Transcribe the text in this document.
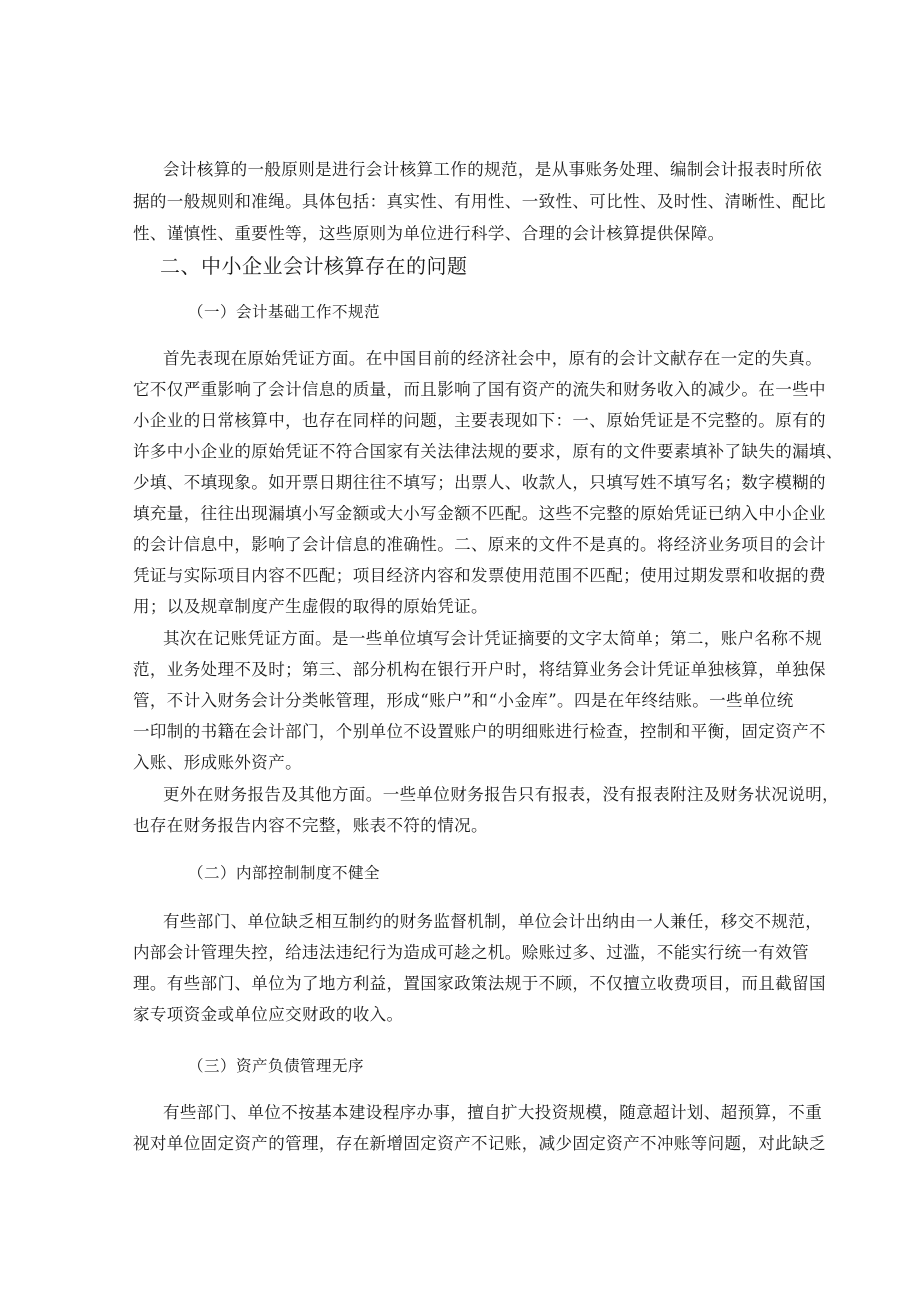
会计核算的一般原则是进行会计核算工作的规范，是从事账务处理、编制会计报表时所依
据的一般规则和准绳。具体包括：真实性、有用性、一致性、可比性、及时性、清晰性、配比
性、谨慎性、重要性等，这些原则为单位进行科学、合理的会计核算提供保障。
二、中小企业会计核算存在的问题
（一）会计基础工作不规范
首先表现在原始凭证方面。在中国目前的经济社会中，原有的会计文献存在一定的失真。
它不仅严重影响了会计信息的质量，而且影响了国有资产的流失和财务收入的减少。在一些中
小企业的日常核算中，也存在同样的问题，主要表现如下：一、原始凭证是不完整的。原有的
许多中小企业的原始凭证不符合国家有关法律法规的要求，原有的文件要素填补了缺失的漏填、
少填、不填现象。如开票日期往往不填写；出票人、收款人，只填写姓不填写名；数字模糊的
填充量，往往出现漏填小写金额或大小写金额不匹配。这些不完整的原始凭证已纳入中小企业
的会计信息中，影响了会计信息的准确性。二、原来的文件不是真的。将经济业务项目的会计
凭证与实际项目内容不匹配；项目经济内容和发票使用范围不匹配；使用过期发票和收据的费
用；以及规章制度产生虚假的取得的原始凭证。
其次在记账凭证方面。是一些单位填写会计凭证摘要的文字太简单；第二，账户名称不规
范，业务处理不及时；第三、部分机构在银行开户时，将结算业务会计凭证单独核算，单独保
管，不计入财务会计分类帐管理，形成“账户”和“小金库”。四是在年终结账。一些单位统
一印制的书籍在会计部门，个别单位不设置账户的明细账进行检查，控制和平衡，固定资产不
入账、形成账外资产。
更外在财务报告及其他方面。一些单位财务报告只有报表，没有报表附注及财务状况说明，
也存在财务报告内容不完整，账表不符的情况。
（二）内部控制制度不健全
有些部门、单位缺乏相互制约的财务监督机制，单位会计出纳由一人兼任，移交不规范，
内部会计管理失控，给违法违纪行为造成可趁之机。赊账过多、过滥，不能实行统一有效管
理。有些部门、单位为了地方利益，置国家政策法规于不顾，不仅擅立收费项目，而且截留国
家专项资金或单位应交财政的收入。
（三）资产负债管理无序
有些部门、单位不按基本建设程序办事，擅自扩大投资规模，随意超计划、超预算，不重
视对单位固定资产的管理，存在新增固定资产不记账，减少固定资产不冲账等问题，对此缺乏
